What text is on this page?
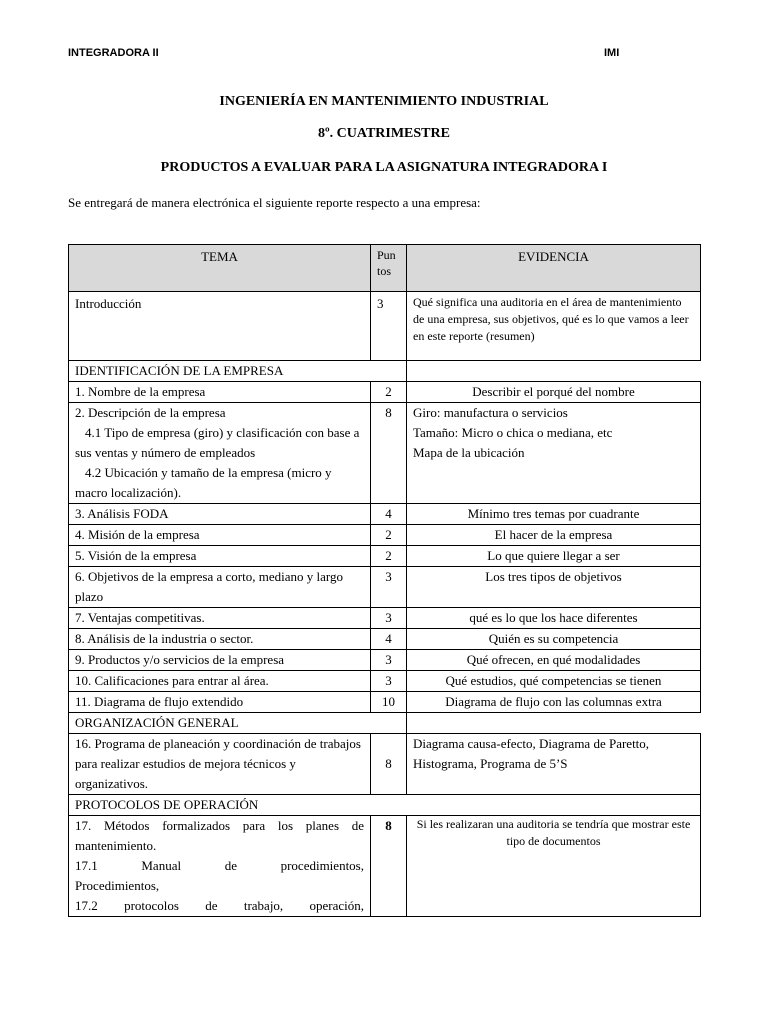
INTEGRADORA II	IMI
INGENIERÍA EN MANTENIMIENTO INDUSTRIAL
8º. CUATRIMESTRE
PRODUCTOS A EVALUAR PARA LA ASIGNATURA INTEGRADORA I
Se entregará de manera electrónica el siguiente reporte respecto a una empresa:
TEMA	Pun tos	EVIDENCIA
Introducción	3	Qué significa una auditoria en el área de mantenimiento de una empresa, sus objetivos, qué es lo que vamos a leer en este reporte (resumen)
IDENTIFICACIÓN DE LA EMPRESA		
1. Nombre de la empresa	2	Describir el porqué del nombre
2. Descripción de la empresa
4.1 Tipo de empresa (giro) y clasificación con base a sus ventas y número de empleados
4.2 Ubicación y tamaño de la empresa (micro y macro localización).	8	Giro: manufactura o servicios
Tamaño: Micro o chica o mediana, etc
Mapa de la ubicación
3. Análisis FODA	4	Mínimo tres temas por cuadrante
4. Misión de la empresa	2	El hacer de la empresa
5. Visión de la empresa	2	Lo que quiere llegar a ser
6. Objetivos de la empresa a corto, mediano y largo plazo	3	Los tres tipos de objetivos
7. Ventajas competitivas.	3	qué es lo que los hace diferentes
8. Análisis de la industria o sector.	4	Quién es su competencia
9. Productos y/o servicios de la empresa	3	Qué ofrecen, en qué modalidades
10. Calificaciones para entrar al área.	3	Qué estudios, qué competencias se tienen
11. Diagrama de flujo extendido	10	Diagrama de flujo con las columnas extra
ORGANIZACIÓN GENERAL		
16. Programa de planeación y coordinación de trabajos para realizar estudios de mejora técnicos y organizativos.	8	Diagrama causa-efecto, Diagrama de Paretto, Histograma, Programa de 5’S
PROTOCOLOS DE OPERACIÓN		

17. Métodos formalizados para los planes de mantenimiento.
17.1 Manual de procedimientos,
Procedimientos,
17.2 protocolos de trabajo, operación,	8	Si les realizaran una auditoria se tendría que mostrar este tipo de documentos
